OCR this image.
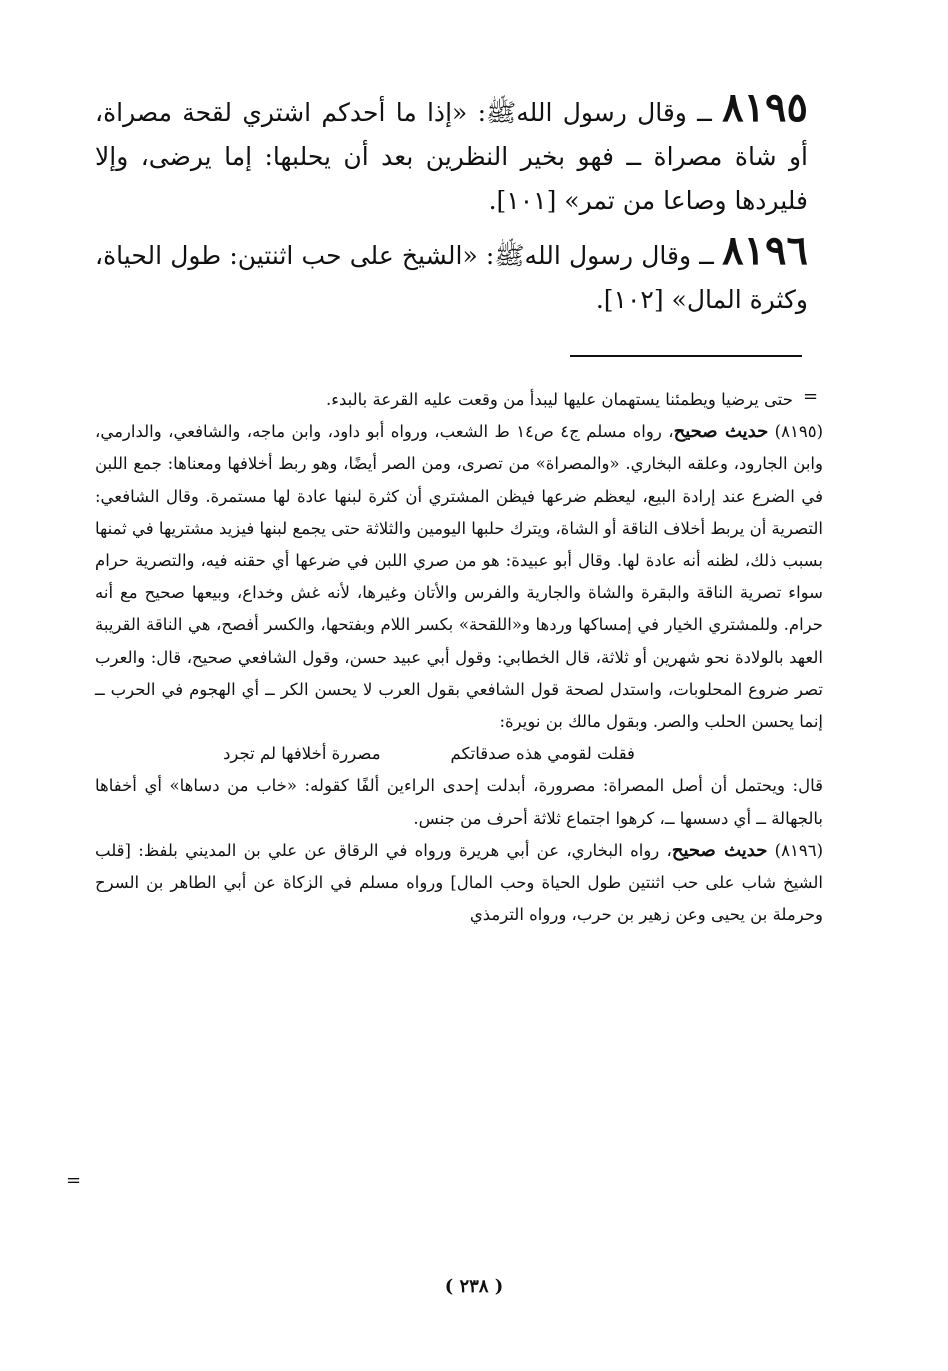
٨١٩٥ ــ وقال رسول اللهﷺ: «إذا ما أحدكم اشتري لقحة مصراة، أو شاة مصراة ــ فهو بخير النظرين بعد أن يحلبها: إما يرضى، وإلا فليردها وصاعا من تمر» [١٠١].

٨١٩٦ ــ وقال رسول اللهﷺ: «الشيخ على حب اثنتين: طول الحياة، وكثرة المال» [١٠٢].

=

حتى يرضيا ويطمئنا يستهمان عليها ليبدأ من وقعت عليه القرعة بالبدء.

(٨١٩٥) حديث صحيح، رواه مسلم ج٤ ص١٤ ط الشعب، ورواه أبو داود، وابن ماجه، والشافعي، والدارمي، وابن الجارود، وعلقه البخاري. «والمصراة» من تصرى، ومن الصر أيضًا، وهو ربط أخلافها ومعناها: جمع اللبن في الضرع عند إرادة البيع، ليعظم ضرعها فيظن المشتري أن كثرة لبنها عادة لها مستمرة. وقال الشافعي: التصرية أن يربط أخلاف الناقة أو الشاة، ويترك حلبها اليومين والثلاثة حتى يجمع لبنها فيزيد مشتريها في ثمنها بسبب ذلك، لظنه أنه عادة لها. وقال أبو عبيدة: هو من صري اللبن في ضرعها أي حقنه فيه، والتصرية حرام سواء تصرية الناقة والبقرة والشاة والجارية والفرس والأتان وغيرها، لأنه غش وخداع، وبيعها صحيح مع أنه حرام. وللمشتري الخيار في إمساكها وردها و«اللقحة» بكسر اللام وبفتحها، والكسر أفصح، هي الناقة القريبة العهد بالولادة نحو شهرين أو ثلاثة، قال الخطابي: وقول أبي عبيد حسن، وقول الشافعي صحيح، قال: والعرب تصر ضروع المحلوبات، واستدل لصحة قول الشافعي بقول العرب لا يحسن الكر ــ أي الهجوم في الحرب ــ إنما يحسن الحلب والصر. وبقول مالك بن نويرة:

فقلت لقومي هذه صدقاتكم
مصررة أخلافها لم تجرد

قال: ويحتمل أن أصل المصراة: مصرورة، أبدلت إحدى الراءين ألفًا كقوله: «خاب من دساها» أي أخفاها بالجهالة ــ أي دسسها ــ، كرهوا اجتماع ثلاثة أحرف من جنس.

(٨١٩٦) حديث صحيح، رواه البخاري، عن أبي هريرة ورواه في الرقاق عن علي بن المديني بلفظ: [قلب الشيخ شاب على حب اثنتين طول الحياة وحب المال] ورواه مسلم في الزكاة عن أبي الطاهر بن السرح وحرملة بن يحيى وعن زهير بن حرب، ورواه الترمذي

=
( ٢٣٨ )
